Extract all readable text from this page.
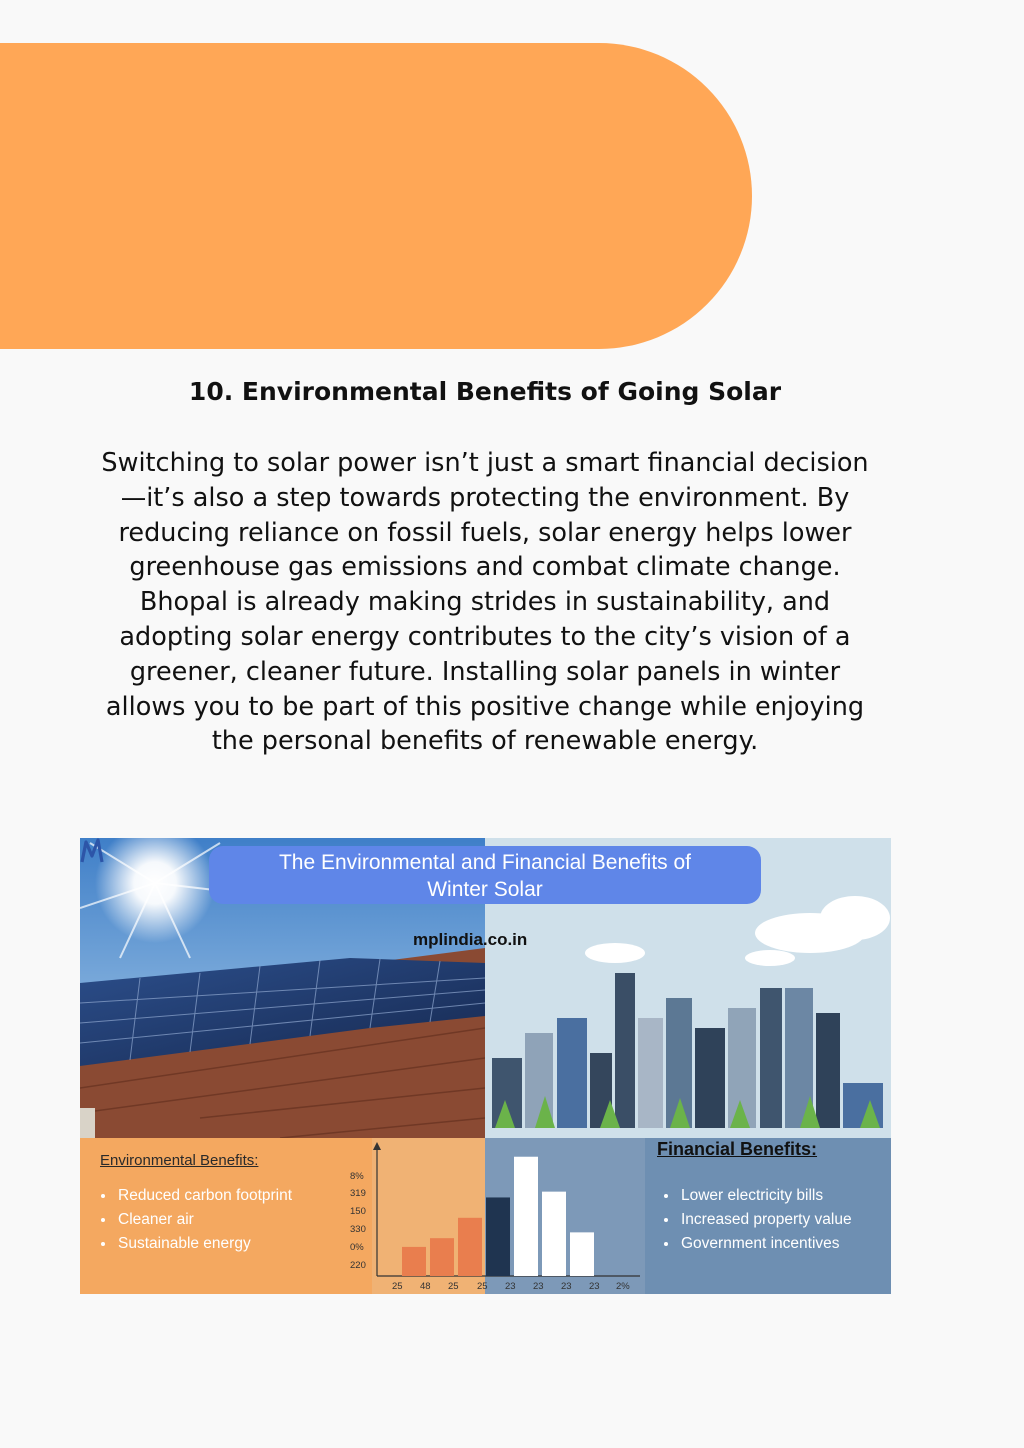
10. Environmental Benefits of Going Solar
Switching to solar power isn’t just a smart financial decision
—it’s also a step towards protecting the environment. By
reducing reliance on fossil fuels, solar energy helps lower
greenhouse gas emissions and combat climate change.
Bhopal is already making strides in sustainability, and
adopting solar energy contributes to the city’s vision of a
greener, cleaner future. Installing solar panels in winter
allows you to be part of this positive change while enjoying
the personal benefits of renewable energy.
The Environmental and Financial Benefits of
Winter Solar
mplindia.co.in
Environmental Benefits:
• Reduced carbon footprint
• Cleaner air
• Sustainable energy
Financial Benefits:
• Lower electricity bills
• Increased property value
• Government incentives
8%
319
150
330
0%
220
25 48 25 25 23 23 23 23 2%
